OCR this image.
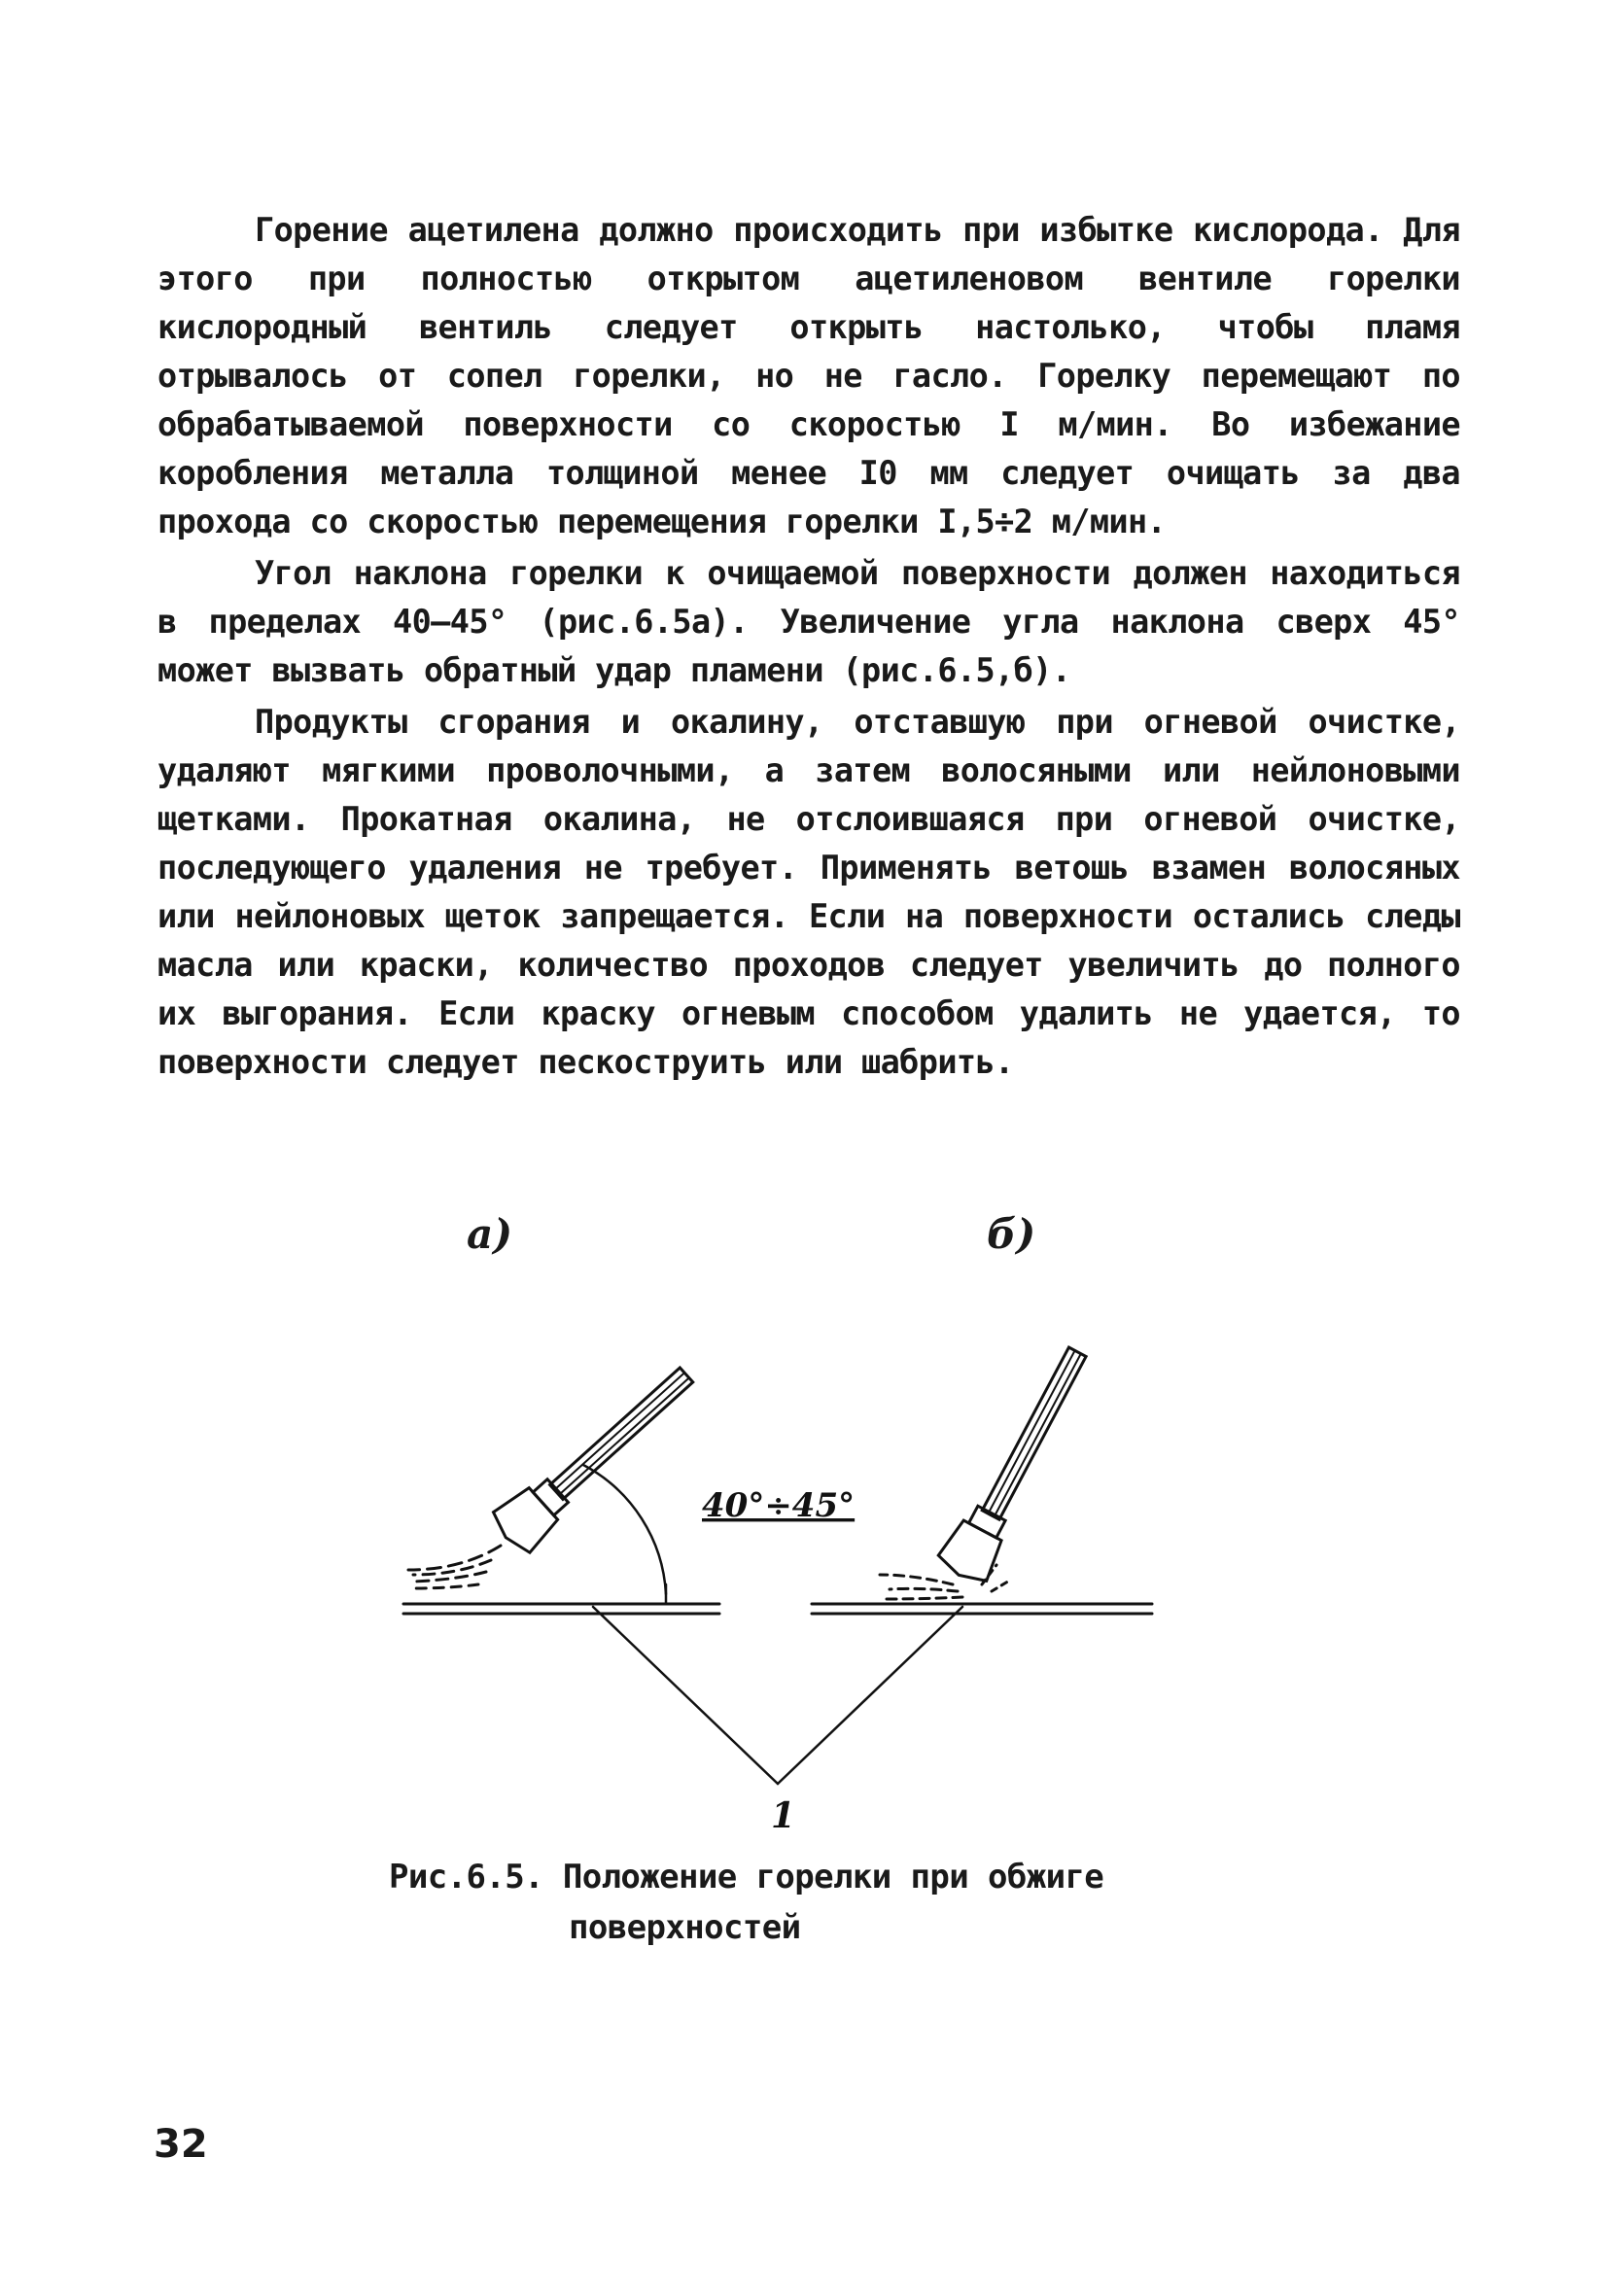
Горение ацетилена должно происходить при избытке кислорода. Для этого при полностью открытом ацетиленовом вентиле горелки кислородный вентиль следует открыть настолько, чтобы пламя отрывалось от сопел горелки, но не гасло. Горелку перемещают по обрабатываемой поверхности со скоростью I м/мин. Во избежание коробления металла толщиной менее I0 мм следует очищать за два прохода со скоростью перемещения горелки I,5÷2 м/мин.

Угол наклона горелки к очищаемой поверхности должен находиться в пределах 40–45° (рис.6.5а). Увеличение угла наклона сверх 45° может вызвать обратный удар пламени (рис.6.5,б).

Продукты сгорания и окалину, отставшую при огневой очистке, удаляют мягкими проволочными, а затем волосяными или нейлоновыми щетками. Прокатная окалина, не отслоившаяся при огневой очистке, последующего удаления не требует. Применять ветошь взамен волосяных или нейлоновых щеток запрещается. Если на поверхности остались следы масла или краски, количество проходов следует увеличить до полного их выгорания. Если краску огневым способом удалить не удается, то поверхности следует пескоструить или шабрить.

а)	б)
40°÷45°
1
Рис.6.5. Положение горелки при обжиге
поверхностей
32
